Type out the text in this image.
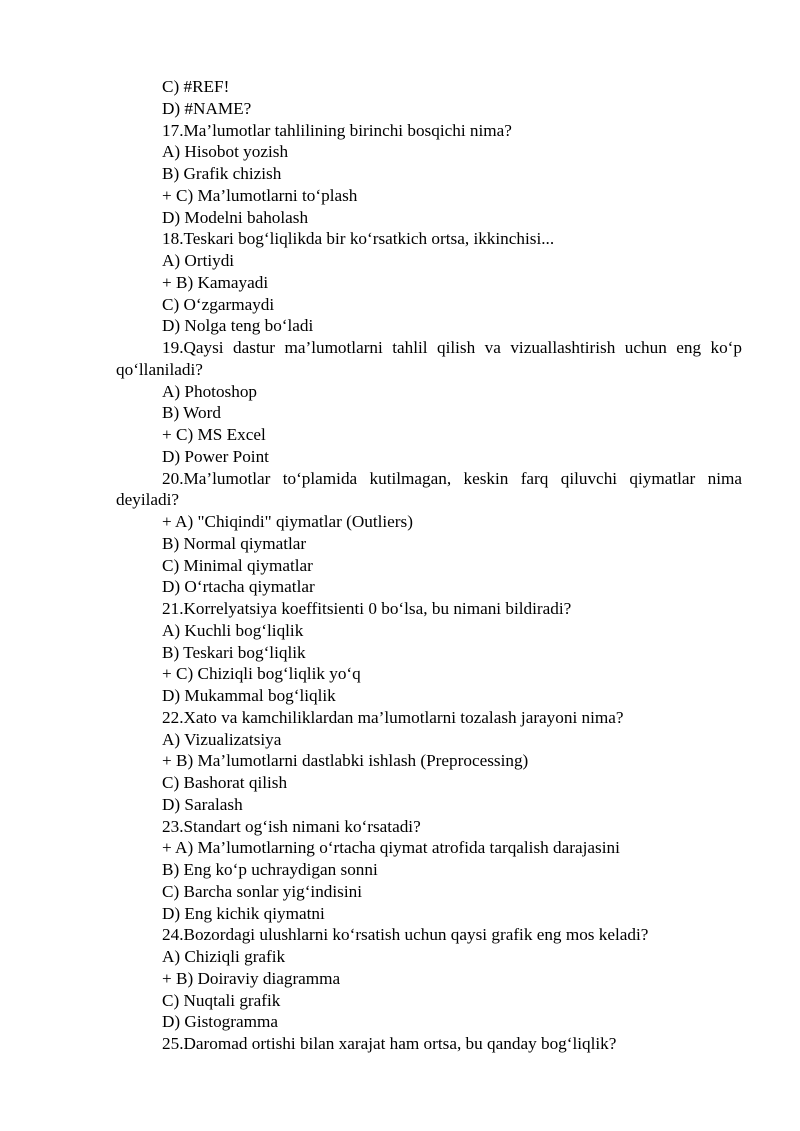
C) #REF!
D) #NAME?
17.Ma’lumotlar tahlilining birinchi bosqichi nima?
A) Hisobot yozish
B) Grafik chizish
+ C) Ma’lumotlarni to‘plash
D) Modelni baholash
18.Teskari bog‘liqlikda bir ko‘rsatkich ortsa, ikkinchisi...
A) Ortiydi
+ B) Kamayadi
C) O‘zgarmaydi
D) Nolga teng bo‘ladi
19.Qaysi dastur ma’lumotlarni tahlil qilish va vizuallashtirish uchun eng ko‘p
qo‘llaniladi?
A) Photoshop
B) Word
+ C) MS Excel
D) Power Point
20.Ma’lumotlar to‘plamida kutilmagan, keskin farq qiluvchi qiymatlar nima
deyiladi?
+ A) "Chiqindi" qiymatlar (Outliers)
B) Normal qiymatlar
C) Minimal qiymatlar
D) O‘rtacha qiymatlar
21.Korrelyatsiya koeffitsienti 0 bo‘lsa, bu nimani bildiradi?
A) Kuchli bog‘liqlik
B) Teskari bog‘liqlik
+ C) Chiziqli bog‘liqlik yo‘q
D) Mukammal bog‘liqlik
22.Xato va kamchiliklardan ma’lumotlarni tozalash jarayoni nima?
A) Vizualizatsiya
+ B) Ma’lumotlarni dastlabki ishlash (Preprocessing)
C) Bashorat qilish
D) Saralash
23.Standart og‘ish nimani ko‘rsatadi?
+ A) Ma’lumotlarning o‘rtacha qiymat atrofida tarqalish darajasini
B) Eng ko‘p uchraydigan sonni
C) Barcha sonlar yig‘indisini
D) Eng kichik qiymatni
24.Bozordagi ulushlarni ko‘rsatish uchun qaysi grafik eng mos keladi?
A) Chiziqli grafik
+ B) Doiraviy diagramma
C) Nuqtali grafik
D) Gistogramma
25.Daromad ortishi bilan xarajat ham ortsa, bu qanday bog‘liqlik?
